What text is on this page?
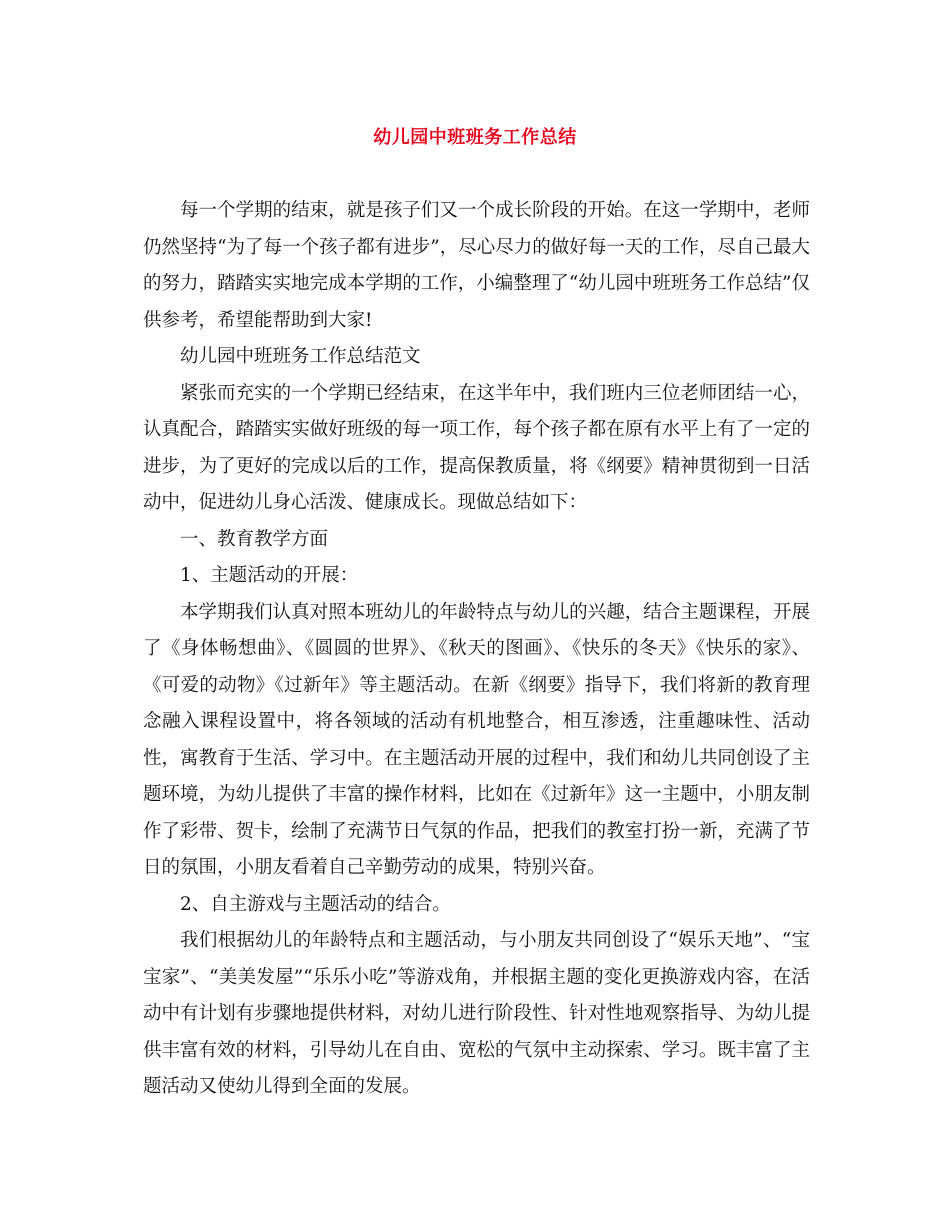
幼儿园中班班务工作总结

每一个学期的结束，就是孩子们又一个成长阶段的开始。在这一学期中，老师仍然坚持“为了每一个孩子都有进步”，尽心尽力的做好每一天的工作，尽自己最大的努力，踏踏实实地完成本学期的工作，小编整理了“幼儿园中班班务工作总结”仅供参考，希望能帮助到大家!

幼儿园中班班务工作总结范文

紧张而充实的一个学期已经结束，在这半年中，我们班内三位老师团结一心，认真配合，踏踏实实做好班级的每一项工作，每个孩子都在原有水平上有了一定的进步，为了更好的完成以后的工作，提高保教质量，将《纲要》精神贯彻到一日活动中，促进幼儿身心活泼、健康成长。现做总结如下：

一、教育教学方面

1、主题活动的开展：

本学期我们认真对照本班幼儿的年龄特点与幼儿的兴趣，结合主题课程，开展了《身体畅想曲》、《圆圆的世界》、《秋天的图画》、《快乐的冬天》《快乐的家》、《可爱的动物》《过新年》等主题活动。在新《纲要》指导下，我们将新的教育理念融入课程设置中，将各领域的活动有机地整合，相互渗透，注重趣味性、活动性，寓教育于生活、学习中。在主题活动开展的过程中，我们和幼儿共同创设了主题环境，为幼儿提供了丰富的操作材料，比如在《过新年》这一主题中，小朋友制作了彩带、贺卡，绘制了充满节日气氛的作品，把我们的教室打扮一新，充满了节日的氛围，小朋友看着自己辛勤劳动的成果，特别兴奋。

2、自主游戏与主题活动的结合。

我们根据幼儿的年龄特点和主题活动，与小朋友共同创设了“娱乐天地”、“宝宝家”、“美美发屋”“乐乐小吃”等游戏角，并根据主题的变化更换游戏内容，在活动中有计划有步骤地提供材料，对幼儿进行阶段性、针对性地观察指导、为幼儿提供丰富有效的材料，引导幼儿在自由、宽松的气氛中主动探索、学习。既丰富了主题活动又使幼儿得到全面的发展。
